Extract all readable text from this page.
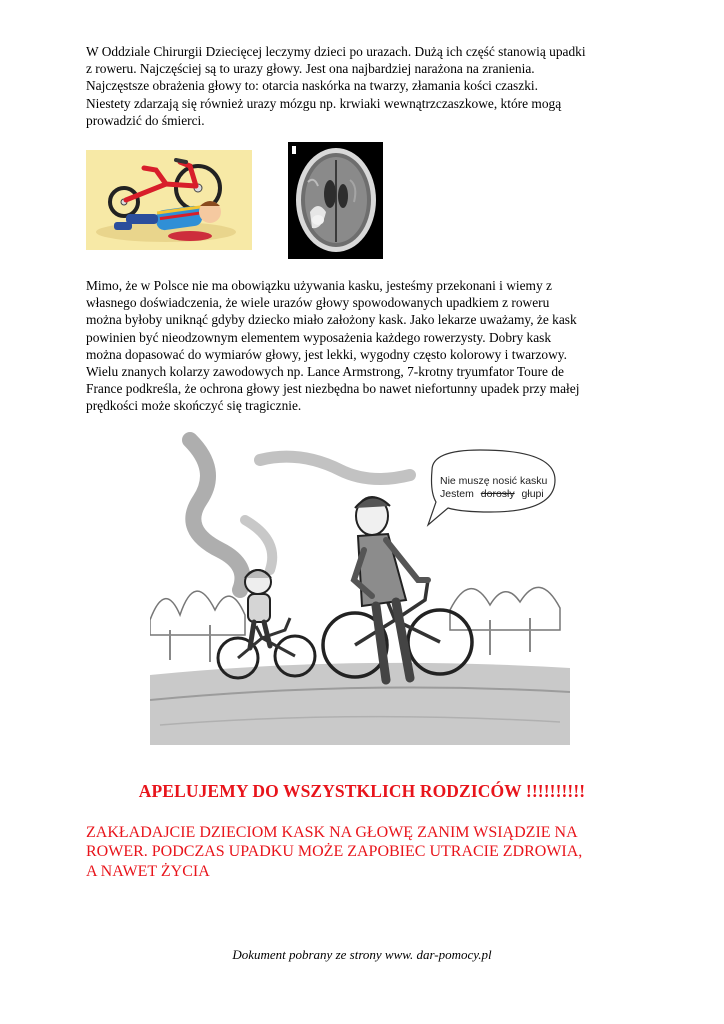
W Oddziale Chirurgii Dziecięcej leczymy dzieci po urazach. Dużą ich część stanowią upadki
z roweru. Najczęściej są to urazy głowy. Jest ona najbardziej narażona na zranienia.
Najczęstsze obrażenia głowy to: otarcia naskórka na twarzy, złamania kości czaszki.
Niestety zdarzają się również urazy mózgu np. krwiaki wewnątrzczaszkowe, które mogą
prowadzić do śmierci.
Mimo, że w Polsce nie ma obowiązku używania kasku, jesteśmy przekonani i wiemy z
własnego doświadczenia, że wiele urazów głowy spowodowanych upadkiem z roweru
można byłoby uniknąć gdyby dziecko miało założony kask. Jako lekarze uważamy, że kask
powinien być nieodzownym elementem wyposażenia każdego rowerzysty. Dobry kask
można dopasować do wymiarów głowy, jest lekki, wygodny często kolorowy i twarzowy.
Wielu znanych kolarzy zawodowych np. Lance Armstrong, 7-krotny tryumfator Toure de
France podkreśla, że ochrona głowy jest niezbędna bo nawet niefortunny upadek przy małej
prędkości może skończyć się tragicznie.
Nie muszę nosić kasku
Jestem dorosły głupi
APELUJEMY DO WSZYSTKLICH RODZICÓW !!!!!!!!!!
ZAKŁADAJCIE DZIECIOM KASK NA GŁOWĘ ZANIM WSIĄDZIE NA
ROWER. PODCZAS UPADKU MOŻE ZAPOBIEC UTRACIE ZDROWIA,
A NAWET ŻYCIA
Dokument pobrany ze strony www. dar-pomocy.pl
